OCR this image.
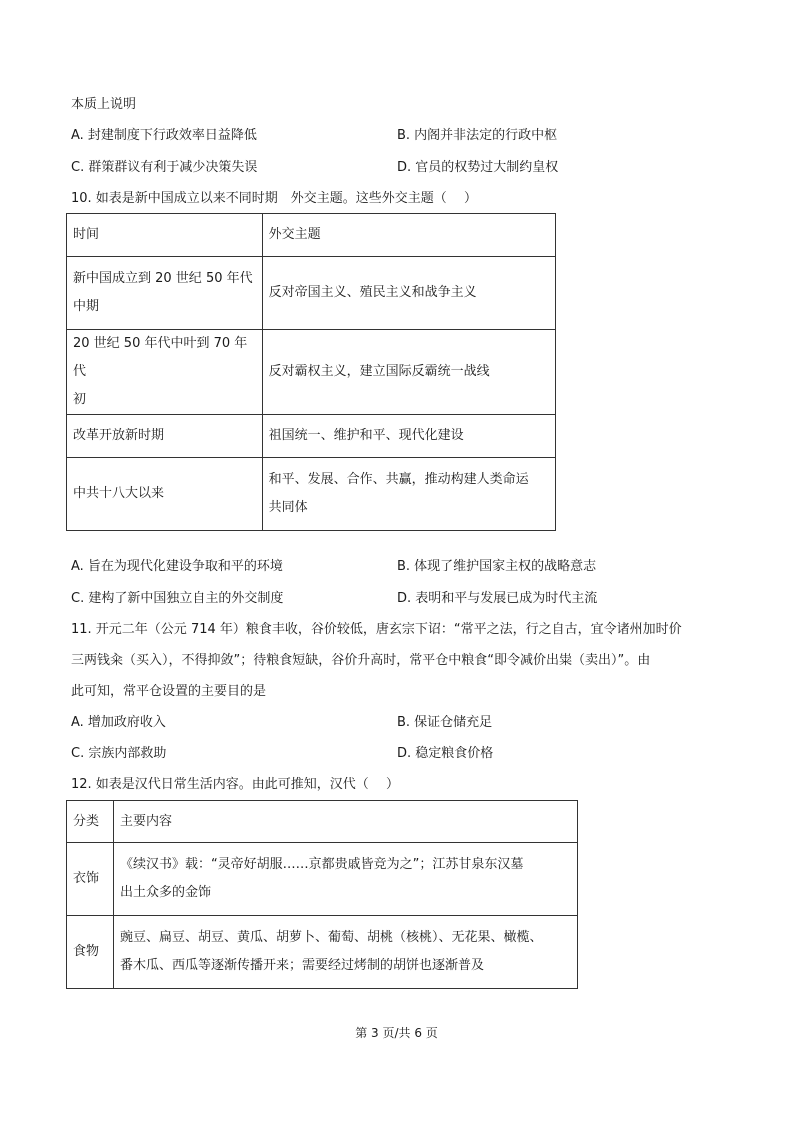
本质上说明
A. 封建制度下行政效率日益降低	B. 内阁并非法定的行政中枢
C. 群策群议有利于减少决策失误	D. 官员的权势过大制约皇权
10. 如表是新中国成立以来不同时期　外交主题。这些外交主题（　 ）
时间	外交主题

新中国成立到 20 世纪 50 年代
中期	反对帝国主义、殖民主义和战争主义

20 世纪 50 年代中叶到 70 年代
初	反对霸权主义，建立国际反霸统一战线
改革开放新时期	祖国统一、维护和平、现代化建设
中共十八大以来	和平、发展、合作、共赢，推动构建人类命运
共同体
A. 旨在为现代化建设争取和平的环境	B. 体现了维护国家主权的战略意志
C. 建构了新中国独立自主的外交制度	D. 表明和平与发展已成为时代主流
11. 开元二年（公元 714 年）粮食丰收，谷价较低，唐玄宗下诏：“常平之法，行之自古，宜令诸州加时价
三两钱籴（买入），不得抑敛”；待粮食短缺，谷价升高时，常平仓中粮食“即令减价出粜（卖出）”。由
此可知，常平仓设置的主要目的是
A. 增加政府收入	B. 保证仓储充足
C. 宗族内部救助	D. 稳定粮食价格
12. 如表是汉代日常生活内容。由此可推知，汉代（　 ）
分类	主要内容
衣饰	《续汉书》载：“灵帝好胡服……京都贵戚皆竞为之”；江苏甘泉东汉墓
出土众多的金饰

食物	豌豆、扁豆、胡豆、黄瓜、胡萝卜、葡萄、胡桃（核桃）、无花果、橄榄、
番木瓜、西瓜等逐渐传播开来；需要经过烤制的胡饼也逐渐普及
第 3 页/共 6 页
